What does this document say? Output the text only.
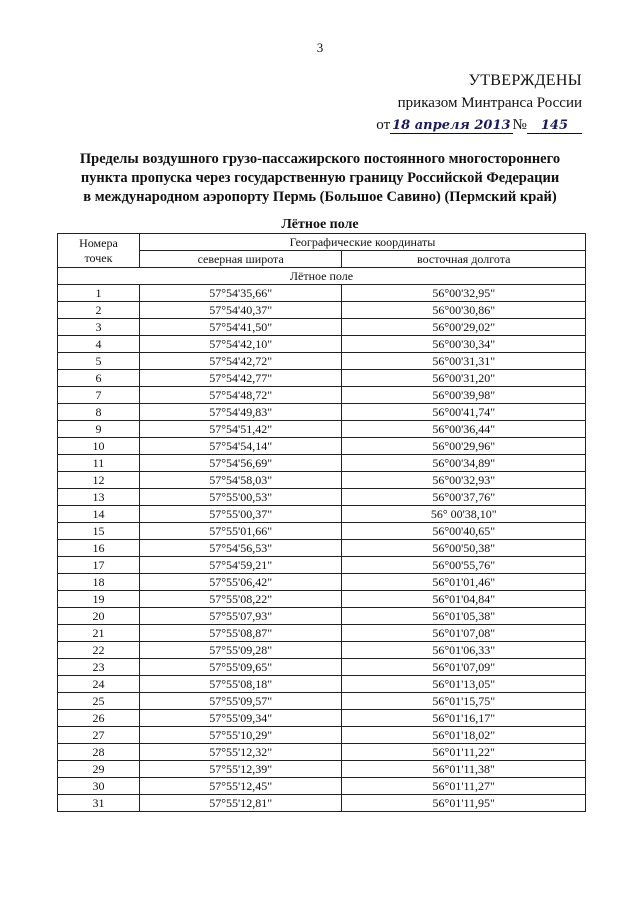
3
УТВЕРЖДЕНЫ
приказом Минтранса России
от 18 апреля 2013 № 145
Пределы воздушного грузо-пассажирского постоянного многостороннего
пункта пропуска через государственную границу Российской Федерации
в международном аэропорту Пермь (Большое Савино) (Пермский край)
Лётное поле
Номера
точек	Географические координаты	
	северная широта	восточная долгота
Лётное поле		
1	57°54'35,66"	56°00'32,95"
2	57°54'40,37"	56°00'30,86"
3	57°54'41,50"	56°00'29,02"
4	57°54'42,10"	56°00'30,34"
5	57°54'42,72"	56°00'31,31"
6	57°54'42,77"	56°00'31,20"
7	57°54'48,72"	56°00'39,98"
8	57°54'49,83"	56°00'41,74"
9	57°54'51,42"	56°00'36,44"
10	57°54'54,14"	56°00'29,96"
11	57°54'56,69"	56°00'34,89"
12	57°54'58,03"	56°00'32,93"
13	57°55'00,53"	56°00'37,76"
14	57°55'00,37"	56° 00'38,10"
15	57°55'01,66"	56°00'40,65"
16	57°54'56,53"	56°00'50,38"
17	57°54'59,21"	56°00'55,76"
18	57°55'06,42"	56°01'01,46"
19	57°55'08,22"	56°01'04,84"
20	57°55'07,93"	56°01'05,38"
21	57°55'08,87"	56°01'07,08"
22	57°55'09,28"	56°01'06,33"
23	57°55'09,65"	56°01'07,09"
24	57°55'08,18"	56°01'13,05"
25	57°55'09,57"	56°01'15,75"
26	57°55'09,34"	56°01'16,17"
27	57°55'10,29"	56°01'18,02"
28	57°55'12,32"	56°01'11,22"
29	57°55'12,39"	56°01'11,38"
30	57°55'12,45"	56°01'11,27"
31	57°55'12,81"	56°01'11,95"
